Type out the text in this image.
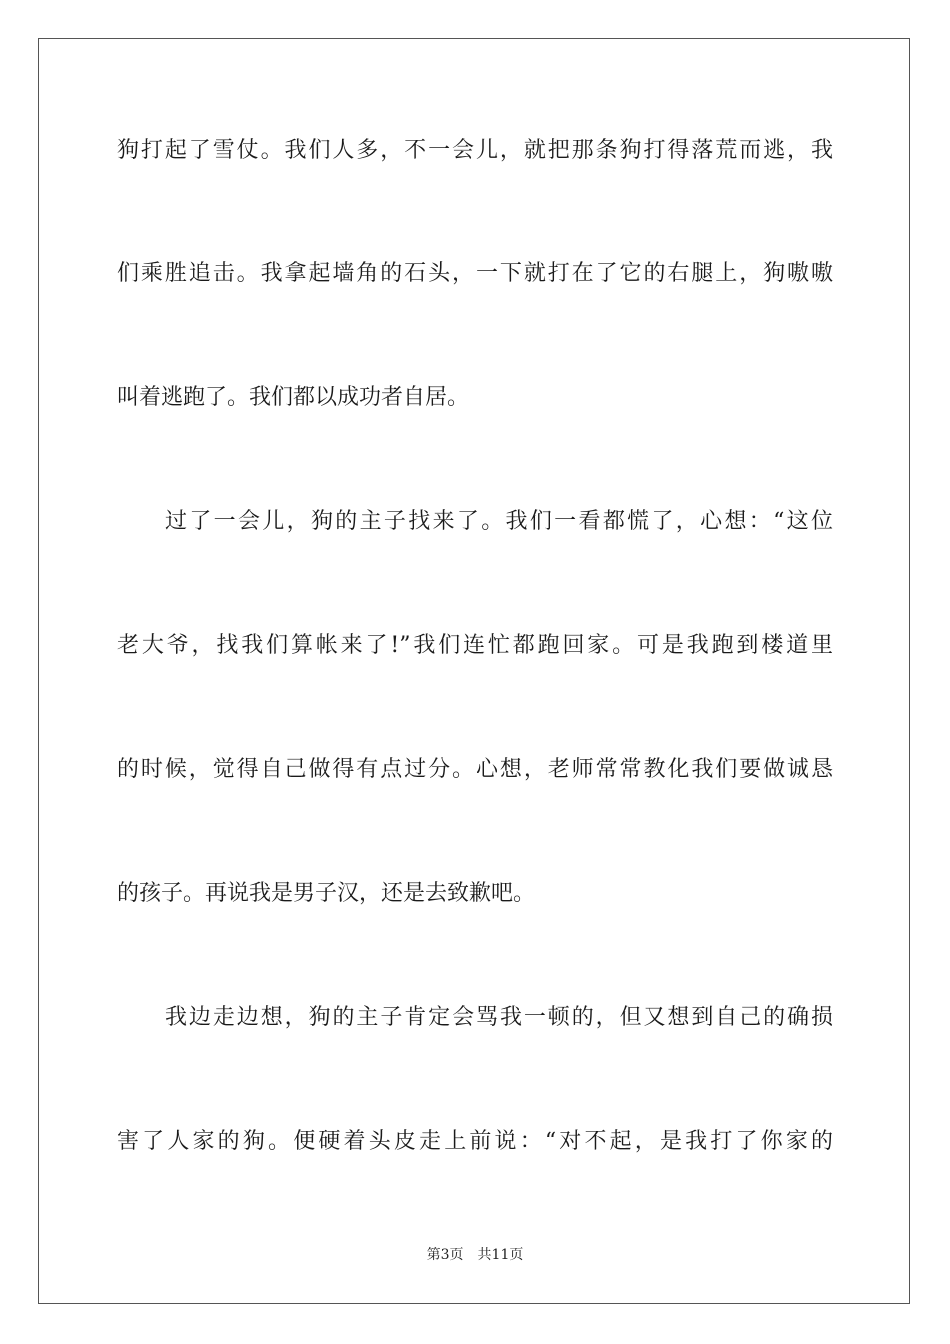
狗打起了雪仗。我们人多，不一会儿，就把那条狗打得落荒而逃，我
们乘胜追击。我拿起墙角的石头，一下就打在了它的右腿上，狗嗷嗷
叫着逃跑了。我们都以成功者自居。
过了一会儿，狗的主子找来了。我们一看都慌了，心想：“这位
老大爷，找我们算帐来了!”我们连忙都跑回家。可是我跑到楼道里
的时候，觉得自己做得有点过分。心想，老师常常教化我们要做诚恳
的孩子。再说我是男子汉，还是去致歉吧。
我边走边想，狗的主子肯定会骂我一顿的，但又想到自己的确损
害了人家的狗。便硬着头皮走上前说：“对不起，是我打了你家的
第3页 共11页
